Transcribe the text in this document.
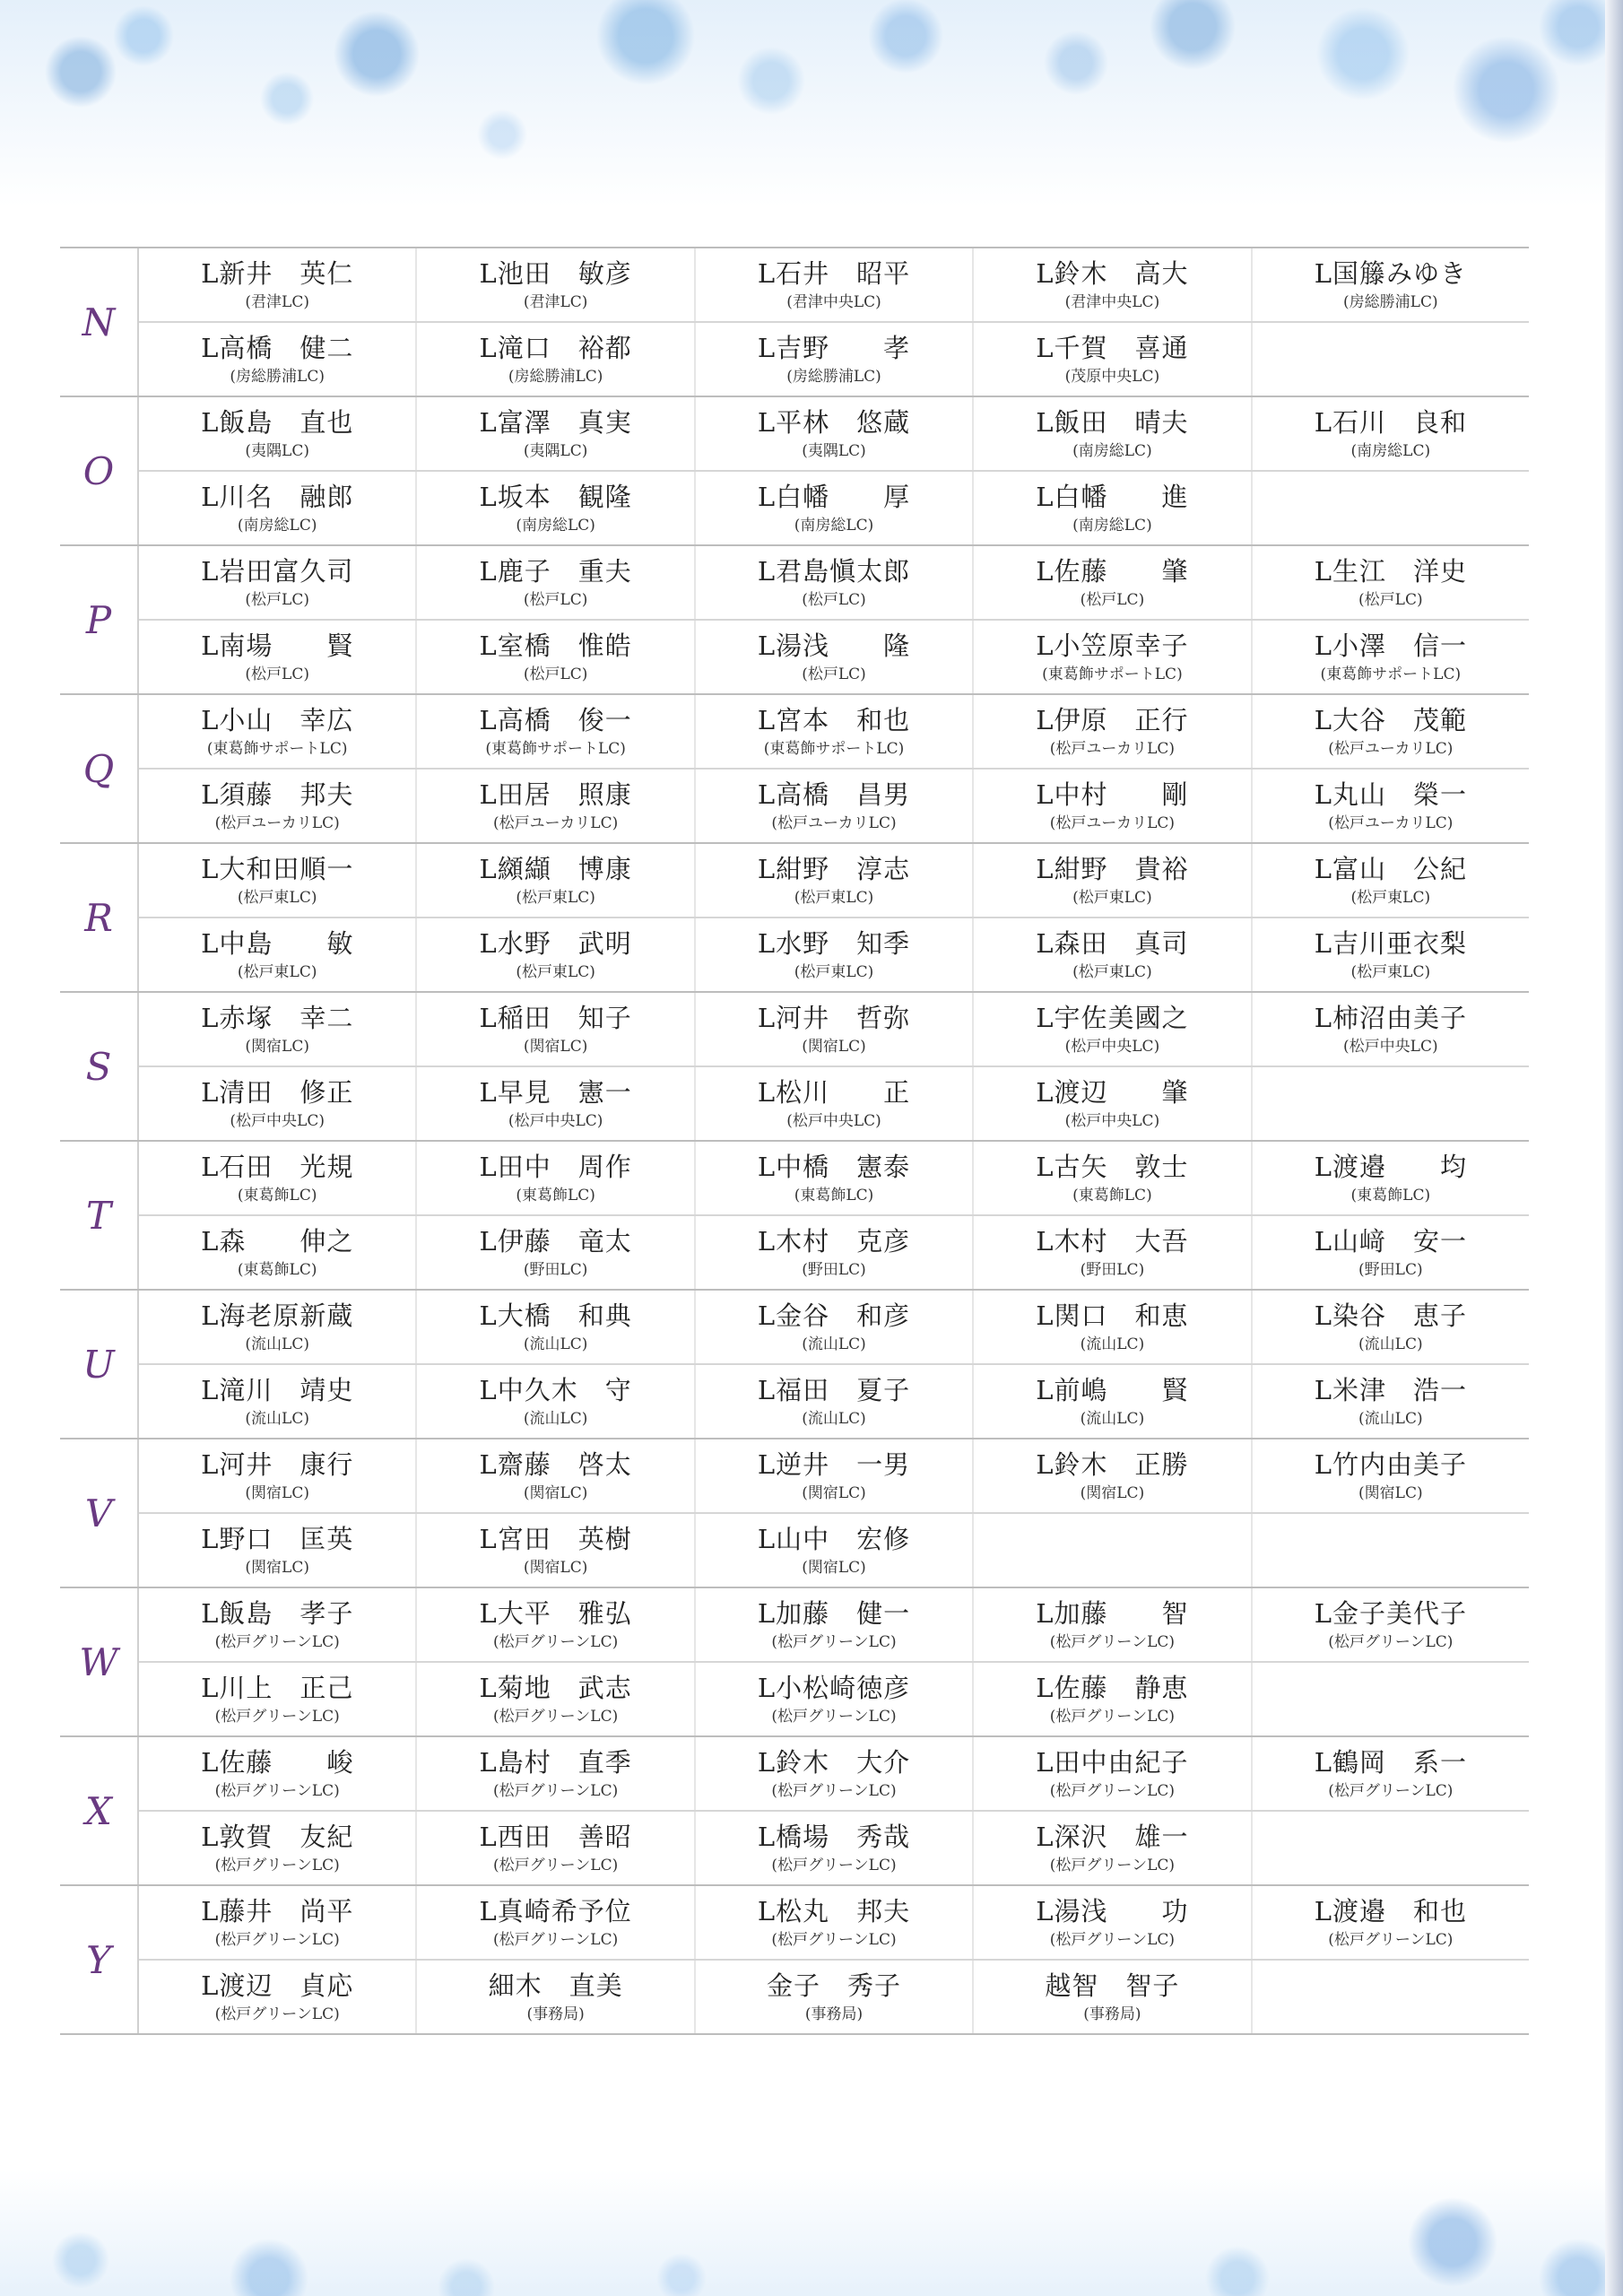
N
L新井　英仁
(君津LC)
L池田　敏彦
(君津LC)
L石井　昭平
(君津中央LC)
L鈴木　高大
(君津中央LC)
L国籐みゆき
(房総勝浦LC)
L高橋　健二
(房総勝浦LC)
L滝口　裕都
(房総勝浦LC)
L吉野　　孝
(房総勝浦LC)
L千賀　喜通
(茂原中央LC)
O
L飯島　直也
(夷隅LC)
L富澤　真実
(夷隅LC)
L平林　悠蔵
(夷隅LC)
L飯田　晴夫
(南房総LC)
L石川　良和
(南房総LC)
L川名　融郎
(南房総LC)
L坂本　観隆
(南房総LC)
L白幡　　厚
(南房総LC)
L白幡　　進
(南房総LC)
P
L岩田富久司
(松戸LC)
L鹿子　重夫
(松戸LC)
L君島愼太郎
(松戸LC)
L佐藤　　肇
(松戸LC)
L生江　洋史
(松戸LC)
L南場　　賢
(松戸LC)
L室橋　惟皓
(松戸LC)
L湯浅　　隆
(松戸LC)
L小笠原幸子
(東葛飾サポートLC)
L小澤　信一
(東葛飾サポートLC)
Q
L小山　幸広
(東葛飾サポートLC)
L高橋　俊一
(東葛飾サポートLC)
L宮本　和也
(東葛飾サポートLC)
L伊原　正行
(松戸ユーカリLC)
L大谷　茂範
(松戸ユーカリLC)
L須藤　邦夫
(松戸ユーカリLC)
L田居　照康
(松戸ユーカリLC)
L高橋　昌男
(松戸ユーカリLC)
L中村　　剛
(松戸ユーカリLC)
L丸山　榮一
(松戸ユーカリLC)
R
L大和田順一
(松戸東LC)
L纐纈　博康
(松戸東LC)
L紺野　淳志
(松戸東LC)
L紺野　貴裕
(松戸東LC)
L富山　公紀
(松戸東LC)
L中島　　敏
(松戸東LC)
L水野　武明
(松戸東LC)
L水野　知季
(松戸東LC)
L森田　真司
(松戸東LC)
L吉川亜衣梨
(松戸東LC)
S
L赤塚　幸二
(関宿LC)
L稲田　知子
(関宿LC)
L河井　哲弥
(関宿LC)
L宇佐美國之
(松戸中央LC)
L柿沼由美子
(松戸中央LC)
L清田　修正
(松戸中央LC)
L早見　憲一
(松戸中央LC)
L松川　　正
(松戸中央LC)
L渡辺　　肇
(松戸中央LC)
T
L石田　光規
(東葛飾LC)
L田中　周作
(東葛飾LC)
L中橋　憲泰
(東葛飾LC)
L古矢　敦士
(東葛飾LC)
L渡邉　　均
(東葛飾LC)
L森　　伸之
(東葛飾LC)
L伊藤　竜太
(野田LC)
L木村　克彦
(野田LC)
L木村　大吾
(野田LC)
L山﨑　安一
(野田LC)
U
L海老原新蔵
(流山LC)
L大橋　和典
(流山LC)
L金谷　和彦
(流山LC)
L関口　和恵
(流山LC)
L染谷　恵子
(流山LC)
L滝川　靖史
(流山LC)
L中久木　守
(流山LC)
L福田　夏子
(流山LC)
L前嶋　　賢
(流山LC)
L米津　浩一
(流山LC)
V
L河井　康行
(関宿LC)
L齋藤　啓太
(関宿LC)
L逆井　一男
(関宿LC)
L鈴木　正勝
(関宿LC)
L竹内由美子
(関宿LC)
L野口　匡英
(関宿LC)
L宮田　英樹
(関宿LC)
L山中　宏修
(関宿LC)
W
L飯島　孝子
(松戸グリーンLC)
L大平　雅弘
(松戸グリーンLC)
L加藤　健一
(松戸グリーンLC)
L加藤　　智
(松戸グリーンLC)
L金子美代子
(松戸グリーンLC)
L川上　正己
(松戸グリーンLC)
L菊地　武志
(松戸グリーンLC)
L小松崎徳彦
(松戸グリーンLC)
L佐藤　静恵
(松戸グリーンLC)
X
L佐藤　　峻
(松戸グリーンLC)
L島村　直季
(松戸グリーンLC)
L鈴木　大介
(松戸グリーンLC)
L田中由紀子
(松戸グリーンLC)
L鶴岡　系一
(松戸グリーンLC)
L敦賀　友紀
(松戸グリーンLC)
L西田　善昭
(松戸グリーンLC)
L橋場　秀哉
(松戸グリーンLC)
L深沢　雄一
(松戸グリーンLC)
Y
L藤井　尚平
(松戸グリーンLC)
L真崎希予位
(松戸グリーンLC)
L松丸　邦夫
(松戸グリーンLC)
L湯浅　　功
(松戸グリーンLC)
L渡邉　和也
(松戸グリーンLC)
L渡辺　貞応
(松戸グリーンLC)
細木　直美
(事務局)
金子　秀子
(事務局)
越智　智子
(事務局)
